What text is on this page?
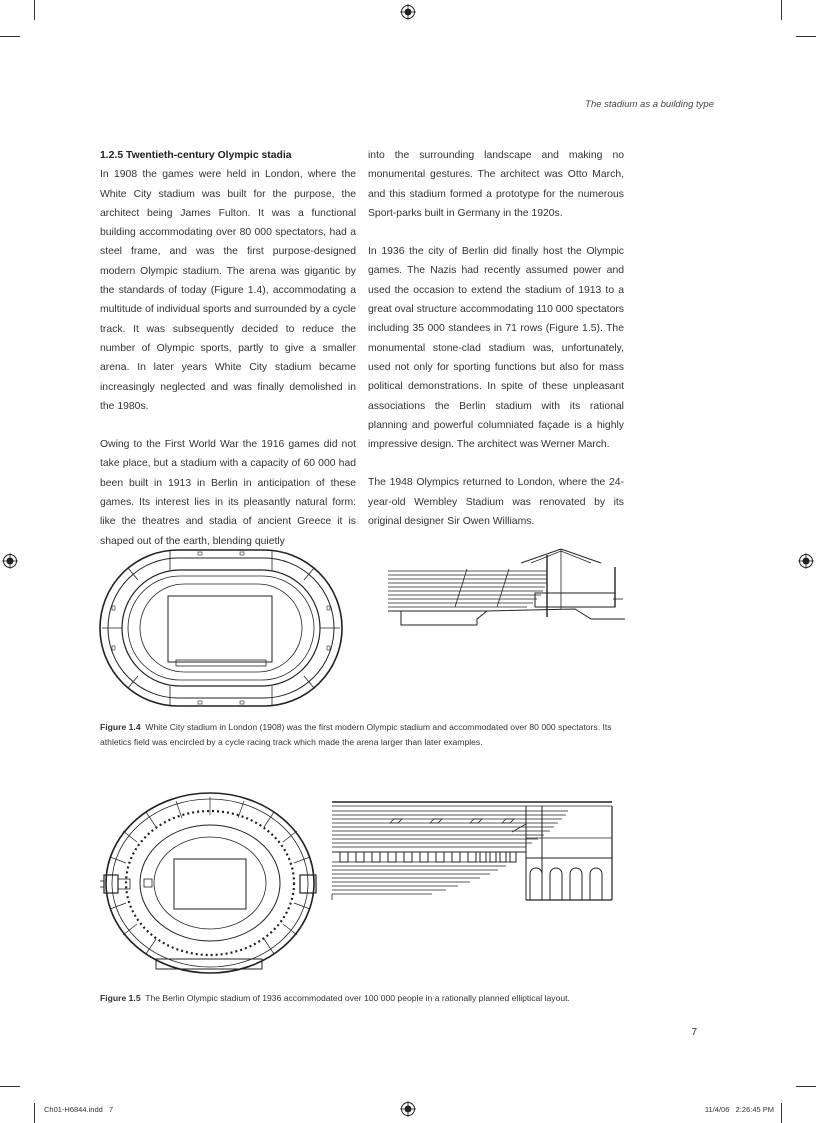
The stadium as a building type
1.2.5 Twentieth-century Olympic stadia

In 1908 the games were held in London, where the White City stadium was built for the purpose, the architect being James Fulton. It was a functional building accommodating over 80 000 spectators, had a steel frame, and was the first purpose-designed modern Olympic stadium. The arena was gigantic by the standards of today (Figure 1.4), accommodating a multitude of individual sports and surrounded by a cycle track. It was subsequently decided to reduce the number of Olympic sports, partly to give a smaller arena. In later years White City stadium became increasingly neglected and was finally demolished in the 1980s.

Owing to the First World War the 1916 games did not take place, but a stadium with a capacity of 60 000 had been built in 1913 in Berlin in anticipation of these games. Its interest lies in its pleasantly natural form: like the theatres and stadia of ancient Greece it is shaped out of the earth, blending quietly

into the surrounding landscape and making no monumental gestures. The architect was Otto March, and this stadium formed a prototype for the numerous Sport-parks built in Germany in the 1920s.

In 1936 the city of Berlin did finally host the Olympic games. The Nazis had recently assumed power and used the occasion to extend the stadium of 1913 to a great oval structure accommodating 110 000 spectators including 35 000 standees in 71 rows (Figure 1.5). The monumental stone-clad stadium was, unfortunately, used not only for sporting functions but also for mass political demonstrations. In spite of these unpleasant associations the Berlin stadium with its rational planning and powerful columniated façade is a highly impressive design. The architect was Werner March.

The 1948 Olympics returned to London, where the 24-year-old Wembley Stadium was renovated by its original designer Sir Owen Williams.

Figure 1.4 White City stadium in London (1908) was the first modern Olympic stadium and accommodated over 80 000 spectators. Its athletics field was encircled by a cycle racing track which made the arena larger than later examples.
Figure 1.5 The Berlin Olympic stadium of 1936 accommodated over 100 000 people in a rationally planned elliptical layout.
7
Ch01-H6844.indd   7	11/4/06   2:26:45 PM
